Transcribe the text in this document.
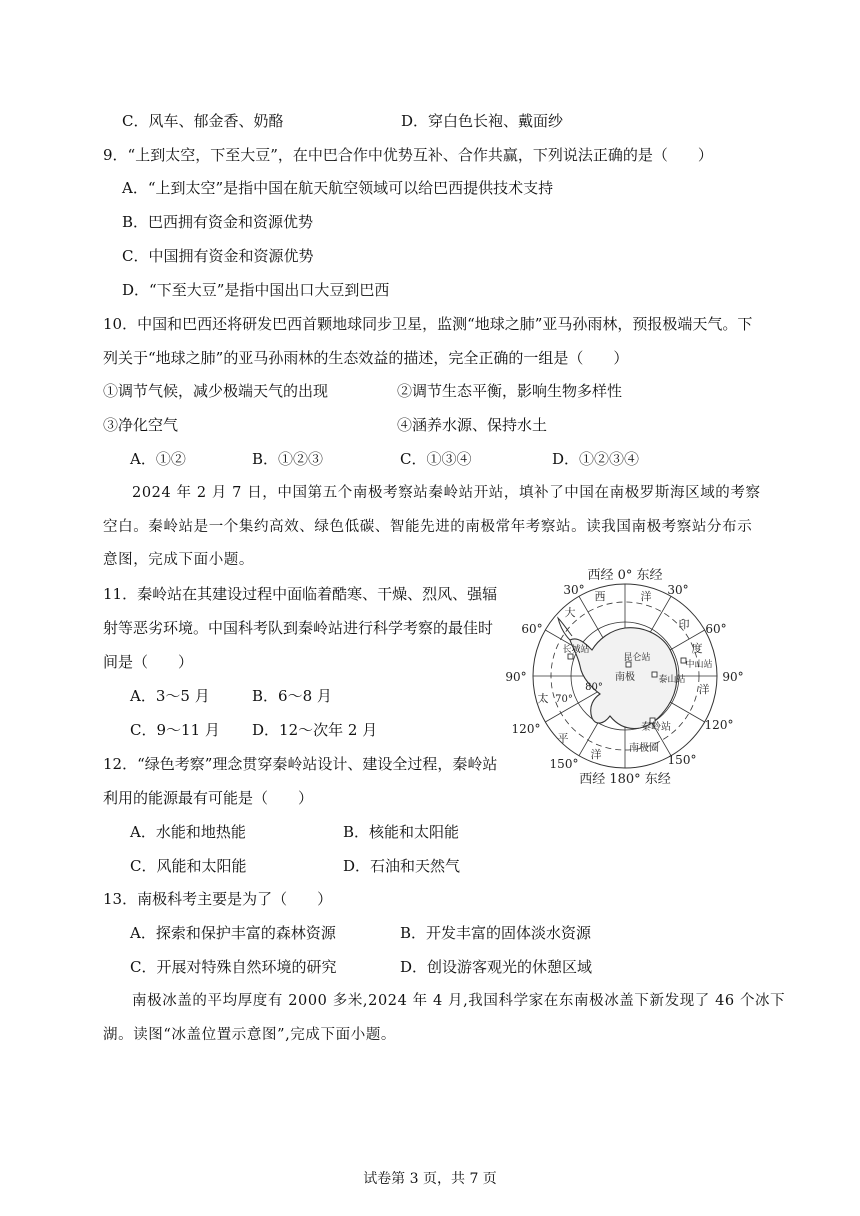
C．风车、郁金香、奶酪	D．穿白色长袍、戴面纱
9．“上到太空，下至大豆”，在中巴合作中优势互补、合作共赢，下列说法正确的是（　　）
A．“上到太空”是指中国在航天航空领域可以给巴西提供技术支持
B．巴西拥有资金和资源优势
C．中国拥有资金和资源优势
D．“下至大豆”是指中国出口大豆到巴西
10．中国和巴西还将研发巴西首颗地球同步卫星，监测“地球之肺”亚马孙雨林，预报极端天气。下
列关于“地球之肺”的亚马孙雨林的生态效益的描述，完全正确的一组是（　　）
①调节气候，减少极端天气的出现	②调节生态平衡，影响生物多样性
③净化空气	④涵养水源、保持水土
A．①②	B．①②③	C．①③④	D．①②③④
2024 年 2 月 7 日，中国第五个南极考察站秦岭站开站，填补了中国在南极罗斯海区域的考察
空白。秦岭站是一个集约高效、绿色低碳、智能先进的南极常年考察站。读我国南极考察站分布示
意图，完成下面小题。
11．秦岭站在其建设过程中面临着酷寒、干燥、烈风、强辐
射等恶劣环境。中国科考队到秦岭站进行科学考察的最佳时
间是（　　）
A．3～5 月	B．6～8 月
C．9～11 月 D．12～次年 2 月
12．“绿色考察”理念贯穿秦岭站设计、建设全过程，秦岭站
利用的能源最有可能是（　　）
A．水能和地热能	B．核能和太阳能
C．风能和太阳能	D．石油和天然气
13．南极科考主要是为了（　　）
A．探索和保护丰富的森林资源	B．开发丰富的固体淡水资源
C．开展对特殊自然环境的研究	D．创设游客观光的休憩区域
南极冰盖的平均厚度有 2000 多米,2024 年 4 月,我国科学家在东南极冰盖下新发现了 46 个冰下
湖。读图“冰盖位置示意图”,完成下面小题。
西经 0° 东经
西经 180° 东经
30°	30°
60°	60°
90°	90°
120°	120°
150°	150°
70°
80°
大
西	洋
印
度
洋
太
平
洋
长城站
昆仑站
中山站
泰山站
秦岭站
南极
南极圈
试卷第 3 页，共 7 页
